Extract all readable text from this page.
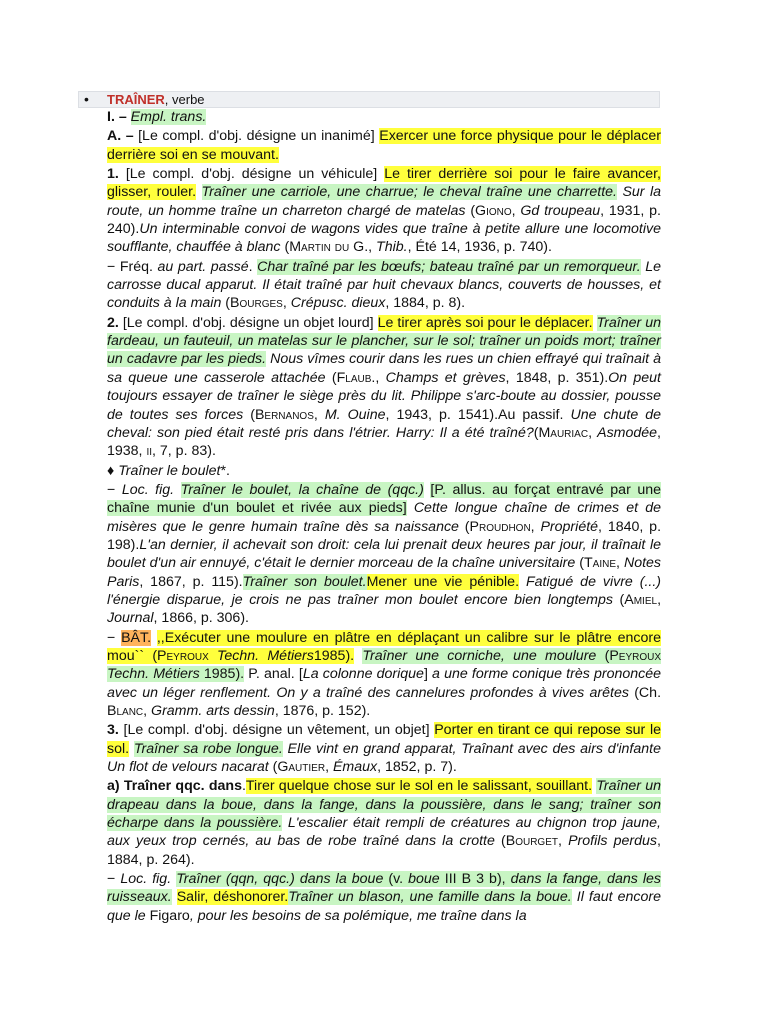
• TRAÎNER, verbe

I. – Empl. trans.

A. – [Le compl. d'obj. désigne un inanimé] Exercer une force physique pour le déplacer derrière soi en se mouvant.

1. [Le compl. d'obj. désigne un véhicule] Le tirer derrière soi pour le faire avancer, glisser, rouler. Traîner une carriole, une charrue; le cheval traîne une charrette. Sur la route, un homme traîne un charreton chargé de matelas (Giono, Gd troupeau, 1931, p. 240).Un interminable convoi de wagons vides que traîne à petite allure une locomotive soufflante, chauffée à blanc (Martin du G., Thib., Été 14, 1936, p. 740).

− Fréq. au part. passé. Char traîné par les bœufs; bateau traîné par un remorqueur. Le carrosse ducal apparut. Il était traîné par huit chevaux blancs, couverts de housses, et conduits à la main (Bourges, Crépusc. dieux, 1884, p. 8).

2. [Le compl. d'obj. désigne un objet lourd] Le tirer après soi pour le déplacer. Traîner un fardeau, un fauteuil, un matelas sur le plancher, sur le sol; traîner un poids mort; traîner un cadavre par les pieds. Nous vîmes courir dans les rues un chien effrayé qui traînait à sa queue une casserole attachée (Flaub., Champs et grèves, 1848, p. 351).On peut toujours essayer de traîner le siège près du lit. Philippe s'arc-boute au dossier, pousse de toutes ses forces (Bernanos, M. Ouine, 1943, p. 1541).Au passif. Une chute de cheval: son pied était resté pris dans l'étrier. Harry: Il a été traîné?(Mauriac, Asmodée, 1938, ii, 7, p. 83).

♦ Traîner le boulet*.

− Loc. fig. Traîner le boulet, la chaîne de (qqc.) [P. allus. au forçat entravé par une chaîne munie d'un boulet et rivée aux pieds] Cette longue chaîne de crimes et de misères que le genre humain traîne dès sa naissance (Proudhon, Propriété, 1840, p. 198).L'an dernier, il achevait son droit: cela lui prenait deux heures par jour, il traînait le boulet d'un air ennuyé, c'était le dernier morceau de la chaîne universitaire (Taine, Notes Paris, 1867, p. 115).Traîner son boulet.Mener une vie pénible. Fatigué de vivre (...) l'énergie disparue, je crois ne pas traîner mon boulet encore bien longtemps (Amiel, Journal, 1866, p. 306).

− BÂT. ,,Exécuter une moulure en plâtre en déplaçant un calibre sur le plâtre encore mou`` (Peyroux Techn. Métiers1985). Traîner une corniche, une moulure (Peyroux Techn. Métiers 1985). P. anal. [La colonne dorique] a une forme conique très prononcée avec un léger renflement. On y a traîné des cannelures profondes à vives arêtes (Ch. Blanc, Gramm. arts dessin, 1876, p. 152).

3. [Le compl. d'obj. désigne un vêtement, un objet] Porter en tirant ce qui repose sur le sol. Traîner sa robe longue. Elle vint en grand apparat, Traînant avec des airs d'infante Un flot de velours nacarat (Gautier, Émaux, 1852, p. 7).

a) Traîner qqc. dans.Tirer quelque chose sur le sol en le salissant, souillant. Traîner un drapeau dans la boue, dans la fange, dans la poussière, dans le sang; traîner son écharpe dans la poussière. L'escalier était rempli de créatures au chignon trop jaune, aux yeux trop cernés, au bas de robe traîné dans la crotte (Bourget, Profils perdus, 1884, p. 264).

− Loc. fig. Traîner (qqn, qqc.) dans la boue (v. boue III B 3 b), dans la fange, dans les ruisseaux. Salir, déshonorer.Traîner un blason, une famille dans la boue. Il faut encore que le Figaro, pour les besoins de sa polémique, me traîne dans la
